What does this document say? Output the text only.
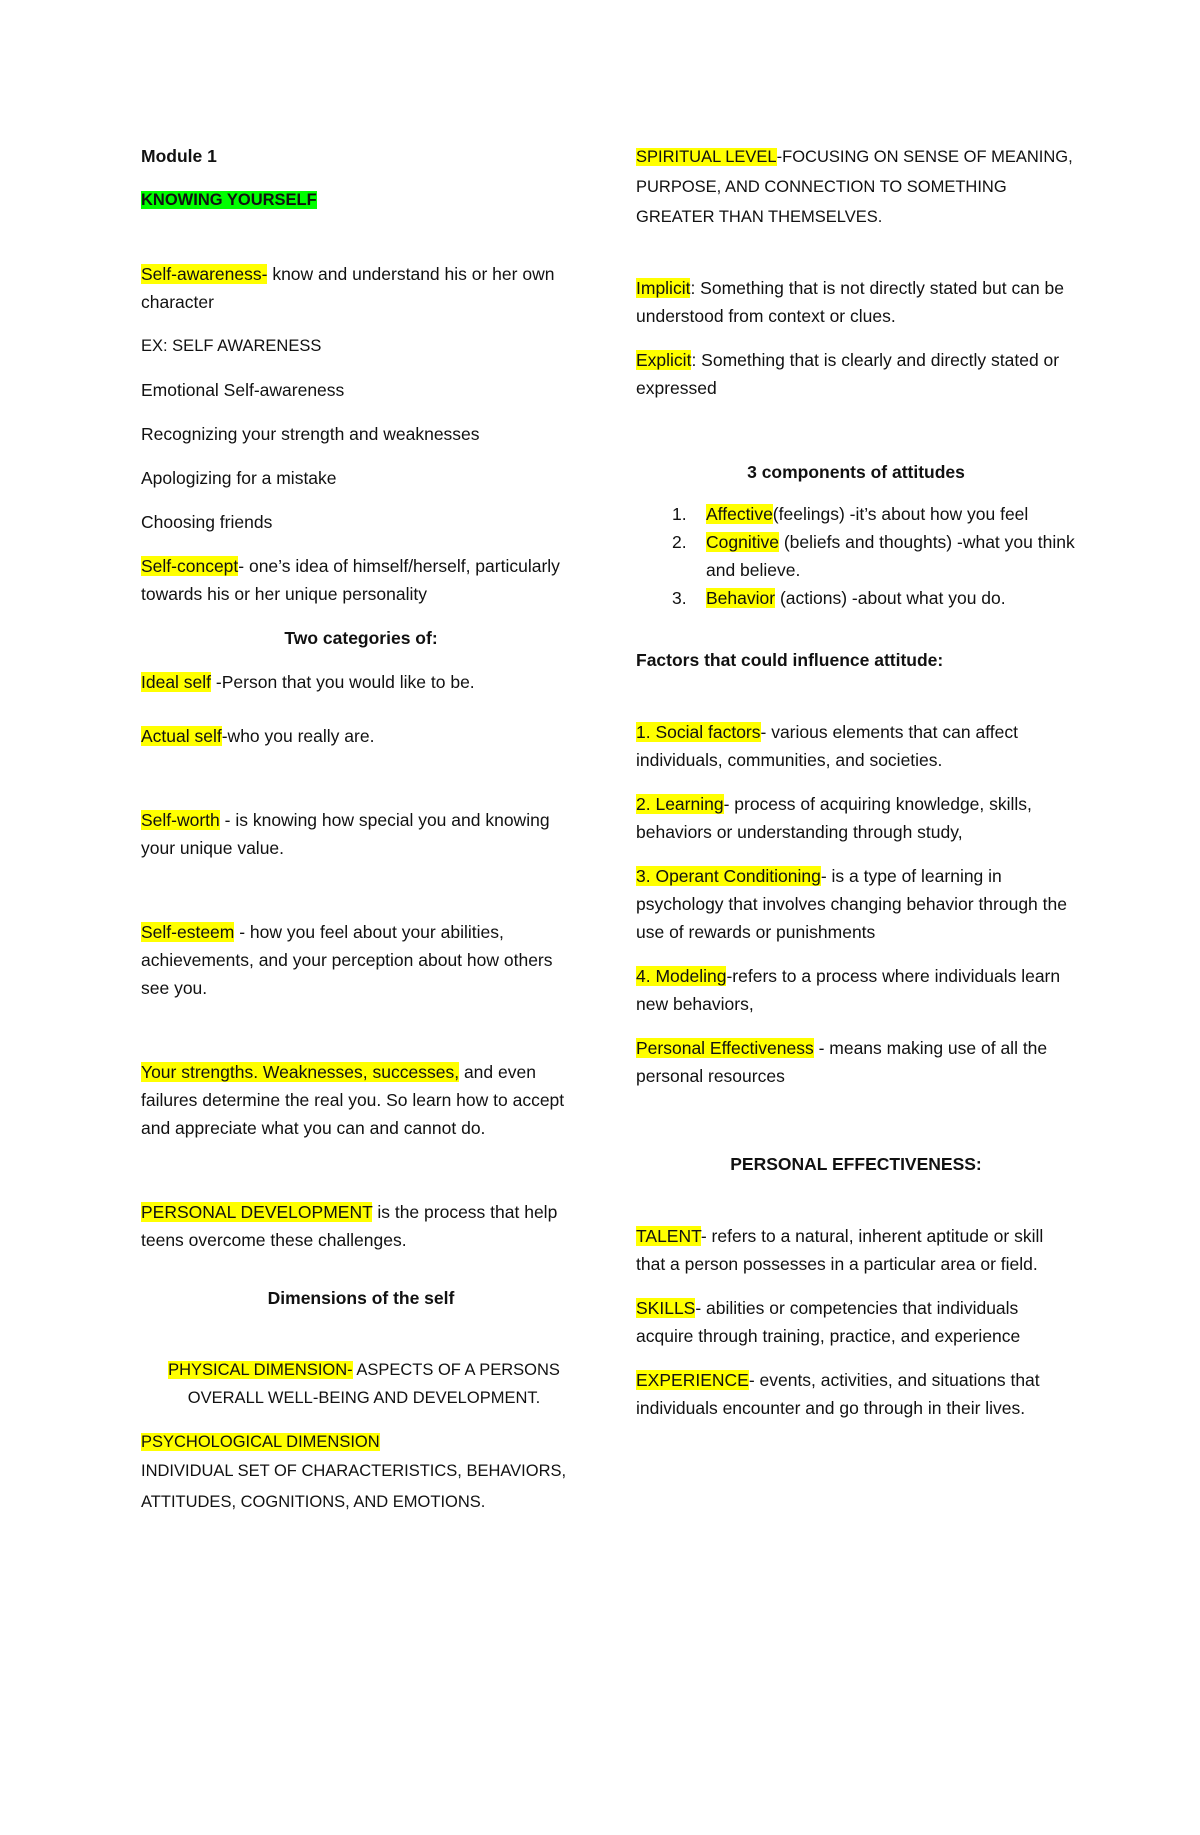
Module 1

KNOWING YOURSELF

Self-awareness- know and understand his or her own character

EX: SELF AWARENESS

Emotional Self-awareness

Recognizing your strength and weaknesses

Apologizing for a mistake

Choosing friends

Self-concept- one’s idea of himself/herself, particularly towards his or her unique personality

Two categories of:

Ideal self -Person that you would like to be.

Actual self-who you really are.

Self-worth - is knowing how special you and knowing your unique value.

Self-esteem - how you feel about your abilities, achievements, and your perception about how others see you.

Your strengths. Weaknesses, successes, and even failures determine the real you. So learn how to accept and appreciate what you can and cannot do.

PERSONAL DEVELOPMENT is the process that help teens overcome these challenges.

Dimensions of the self

PHYSICAL DIMENSION- ASPECTS OF A PERSONS OVERALL WELL-BEING AND DEVELOPMENT.

PSYCHOLOGICAL DIMENSION

INDIVIDUAL SET OF CHARACTERISTICS, BEHAVIORS, ATTITUDES, COGNITIONS, AND EMOTIONS.

SPIRITUAL LEVEL-FOCUSING ON SENSE OF MEANING, PURPOSE, AND CONNECTION TO SOMETHING GREATER THAN THEMSELVES.

Implicit: Something that is not directly stated but can be understood from context or clues.

Explicit: Something that is clearly and directly stated or expressed

3 components of attitudes

1. Affective(feelings) -it’s about how you feel
2. Cognitive (beliefs and thoughts) -what you think and believe.
3. Behavior (actions) -about what you do.

Factors that could influence attitude:

1. Social factors- various elements that can affect individuals, communities, and societies.

2. Learning- process of acquiring knowledge, skills, behaviors or understanding through study,

3. Operant Conditioning- is a type of learning in psychology that involves changing behavior through the use of rewards or punishments

4. Modeling-refers to a process where individuals learn new behaviors,

Personal Effectiveness - means making use of all the personal resources

PERSONAL EFFECTIVENESS:

TALENT- refers to a natural, inherent aptitude or skill that a person possesses in a particular area or field.

SKILLS- abilities or competencies that individuals acquire through training, practice, and experience

EXPERIENCE- events, activities, and situations that individuals encounter and go through in their lives.
